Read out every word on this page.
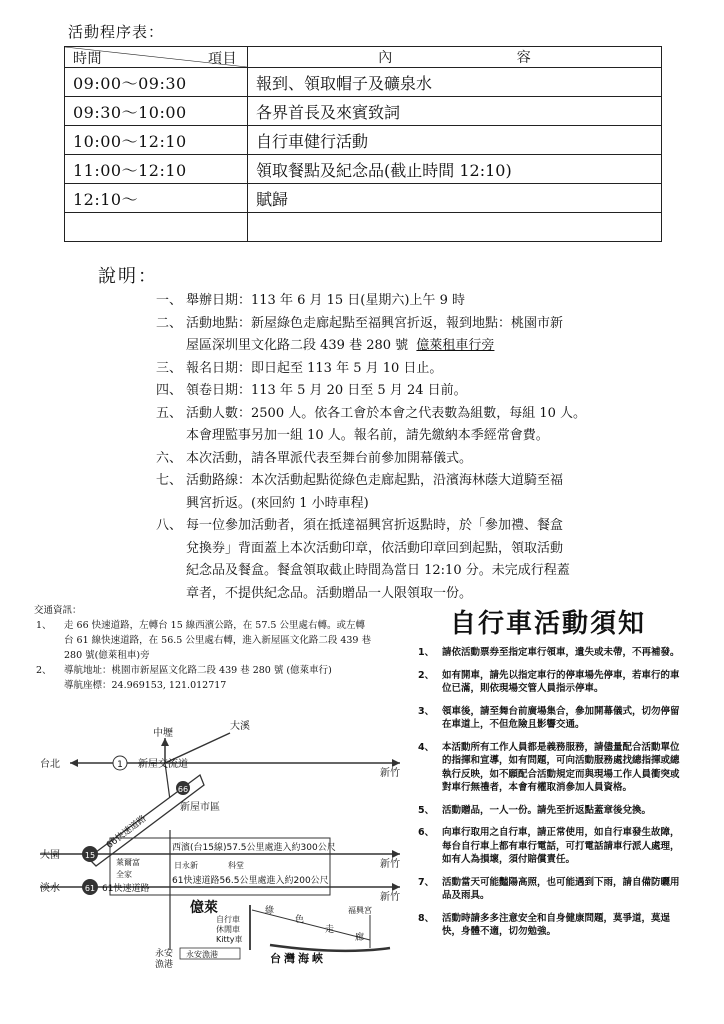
活動程序表：
時間 項目	內 容

09:00～09:30	報到、領取帽子及礦泉水
09:30～10:00	各界首長及來賓致詞
10:00～12:10	自行車健行活動
11:00～12:10	領取餐點及紀念品(截止時間 12:10)
12:10～	賦歸

說明：
一、 舉辦日期：113 年 6 月 15 日(星期六)上午 9 時
二、 活動地點：新屋綠色走廊起點至福興宮折返，報到地點：桃園市新
屋區深圳里文化路二段 439 巷 280 號 億萊租車行旁
三、 報名日期：即日起至 113 年 5 月 10 日止。
四、 領卷日期：113 年 5 月 20 日至 5 月 24 日前。
五、 活動人數：2500 人。依各工會於本會之代表數為組數，每組 10 人。
本會理監事另加一組 10 人。報名前，請先繳納本季經常會費。
六、 本次活動，請各單派代表至舞台前參加開幕儀式。
七、 活動路線：本次活動起點從綠色走廊起點，沿濱海林蔭大道騎至福
興宮折返。(來回約 1 小時車程)
八、 每一位參加活動者，須在抵達福興宮折返點時，於「參加禮、餐盒
兌換券」背面蓋上本次活動印章，依活動印章回到起點，領取活動
紀念品及餐盒。餐盒領取截止時間為當日 12:10 分。未完成行程蓋
章者，不提供紀念品。活動贈品一人限領取一份。
交通資訊：
1、	走 66 快速道路，左轉台 15 線西濱公路，在 57.5 公里處右轉。或左轉
台 61 線快速道路，在 56.5 公里處右轉，進入新屋區文化路二段 439 巷
280 號(億萊租車)旁
2、	導航地址：桃園市新屋區文化路二段 439 巷 280 號 (億萊車行)
導航座標：24.969153, 121.012717
1
66
15
61
中壢
大溪
台北
新竹
新屋交流道
新屋市區
66快速道路
大園
新竹
淡水
新竹
61快速道路
西濱(台15線)57.5公里處進入約300公尺
61快速道路56.5公里處進入約200公尺
萊爾富
全家
日永新	科堂
億萊
自行車
休閒車
Kitty車
綠
色
走
廊
福興宮
台灣海峽
永安
漁港
永安漁港
自行車活動須知
1、 請依活動票券至指定車行領車，遺失或未帶，不再補發。
2、 如有開車，請先以指定車行的停車場先停車，若車行的車位已滿，則依現場交管人員指示停車。
3、 領車後，請至舞台前廣場集合，參加開幕儀式，切勿停留在車道上，不但危險且影響交通。
4、 本活動所有工作人員都是義務服務，請儘量配合活動單位的指揮和宣導，如有問題，可向活動服務處找總指揮或總執行反映，如不願配合活動規定而與現場工作人員衝突或對車行無禮者，本會有權取消參加人員資格。
5、 活動贈品，一人一份。請先至折返點蓋章後兌換。
6、 向車行取用之自行車，請正常使用，如自行車發生故障，每台自行車上都有車行電話，可打電話請車行派人處理，如有人為損壞，須付賠償責任。
7、 活動當天可能豔陽高照，也可能遇到下雨，請自備防曬用品及雨具。
8、 活動時請多多注意安全和自身健康問題，莫爭道，莫逞快，身體不適，切勿勉強。
